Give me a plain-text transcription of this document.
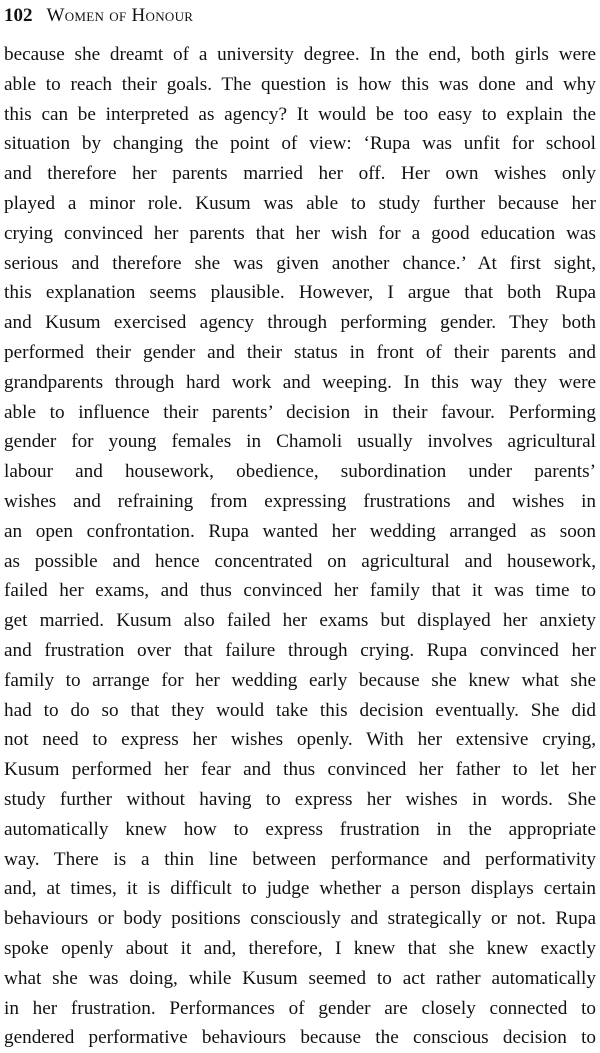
102 Women of Honour
because she dreamt of a university degree. In the end, both girls were
able to reach their goals. The question is how this was done and why
this can be interpreted as agency? It would be too easy to explain the
situation by changing the point of view: ‘Rupa was unfit for school
and therefore her parents married her off. Her own wishes only
played a minor role. Kusum was able to study further because her
crying convinced her parents that her wish for a good education was
serious and therefore she was given another chance.’ At first sight,
this explanation seems plausible. However, I argue that both Rupa
and Kusum exercised agency through performing gender. They both
performed their gender and their status in front of their parents and
grandparents through hard work and weeping. In this way they were
able to influence their parents’ decision in their favour. Performing
gender for young females in Chamoli usually involves agricultural
labour and housework, obedience, subordination under parents’
wishes and refraining from expressing frustrations and wishes in
an open confrontation. Rupa wanted her wedding arranged as soon
as possible and hence concentrated on agricultural and housework,
failed her exams, and thus convinced her family that it was time to
get married. Kusum also failed her exams but displayed her anxiety
and frustration over that failure through crying. Rupa convinced her
family to arrange for her wedding early because she knew what she
had to do so that they would take this decision eventually. She did
not need to express her wishes openly. With her extensive crying,
Kusum performed her fear and thus convinced her father to let her
study further without having to express her wishes in words. She
automatically knew how to express frustration in the appropriate
way. There is a thin line between performance and performativity
and, at times, it is difficult to judge whether a person displays certain
behaviours or body positions consciously and strategically or not. Rupa
spoke openly about it and, therefore, I knew that she knew exactly
what she was doing, while Kusum seemed to act rather automatically
in her frustration. Performances of gender are closely connected to
gendered performative behaviours because the conscious decision to
